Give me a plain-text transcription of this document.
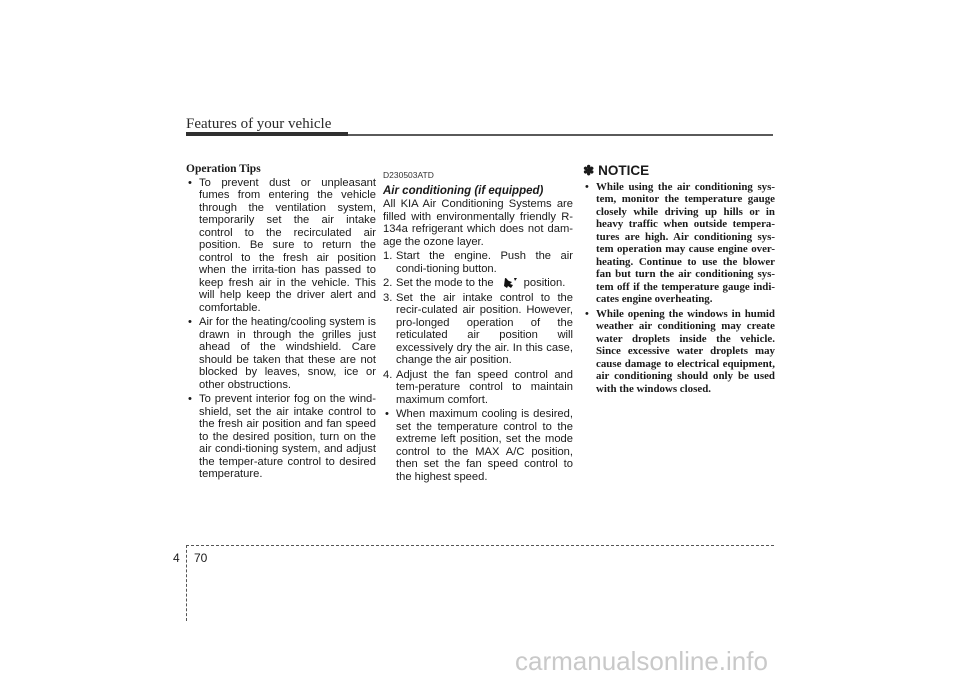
Features of your vehicle
Operation Tips
• To prevent dust or unpleasant fumes from entering the vehicle through the ventilation system, temporarily set the air intake control to the recirculated air position. Be sure to return the control to the fresh air position when the irrita-tion has passed to keep fresh air in the vehicle. This will help keep the driver alert and comfortable.
• Air for the heating/cooling system is drawn in through the grilles just ahead of the windshield. Care should be taken that these are not blocked by leaves, snow, ice or other obstructions.
• To prevent interior fog on the wind-shield, set the air intake control to the fresh air position and fan speed to the desired position, turn on the air condi-tioning system, and adjust the temper-ature control to desired temperature.
D230503ATD
Air conditioning (if equipped)
All KIA Air Conditioning Systems are filled with environmentally friendly R-134a refrigerant which does not dam-age the ozone layer.
1. Start the engine. Push the air condi-tioning button.
2. Set the mode to the	position.
3. Set the air intake control to the recir-culated air position. However, pro-longed operation of the reticulated air position will excessively dry the air. In this case, change the air position.
4. Adjust the fan speed control and tem-perature control to maintain maximum comfort.
• When maximum cooling is desired, set the temperature control to the extreme left position, set the mode control to the MAX A/C position, then set the fan speed control to the highest speed.
✽ NOTICE
• While using the air conditioning sys-tem, monitor the temperature gauge closely while driving up hills or in heavy traffic when outside tempera-tures are high. Air conditioning sys-tem operation may cause engine over-heating. Continue to use the blower fan but turn the air conditioning sys-tem off if the temperature gauge indi-cates engine overheating.
• While opening the windows in humid weather air conditioning may create water droplets inside the vehicle. Since excessive water droplets may cause damage to electrical equipment, air conditioning should only be used with the windows closed.
4 70
carmanualsonline.info
